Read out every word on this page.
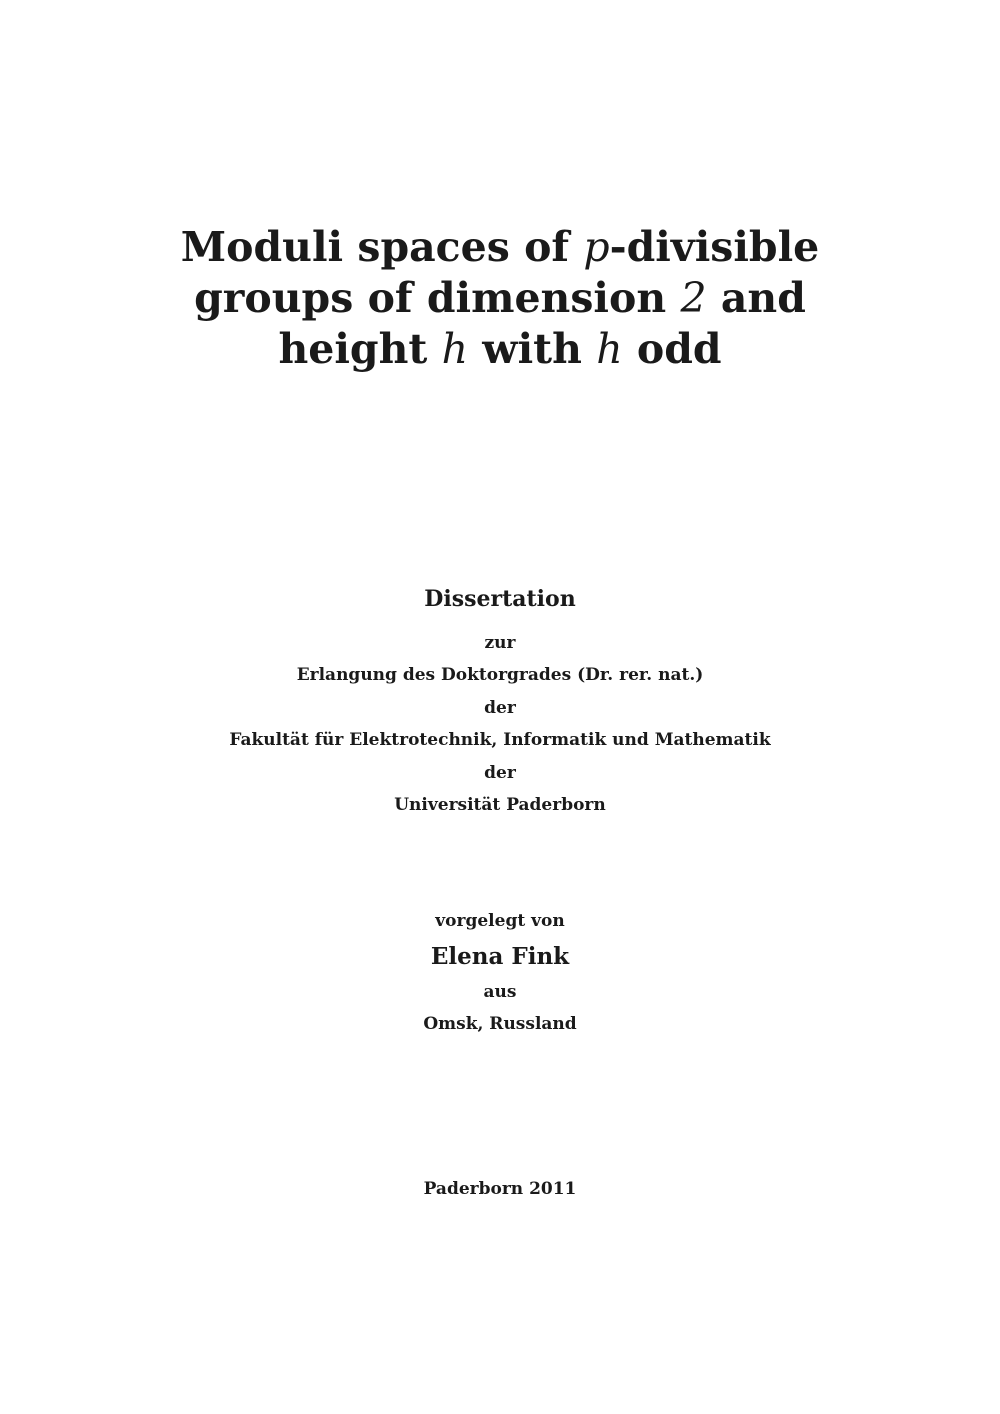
Moduli spaces of p-divisible
groups of dimension 2 and
height h with h odd
Dissertation
zur
Erlangung des Doktorgrades (Dr. rer. nat.)
der
Fakultät für Elektrotechnik, Informatik und Mathematik
der
Universität Paderborn
vorgelegt von
Elena Fink
aus
Omsk, Russland
Paderborn 2011
